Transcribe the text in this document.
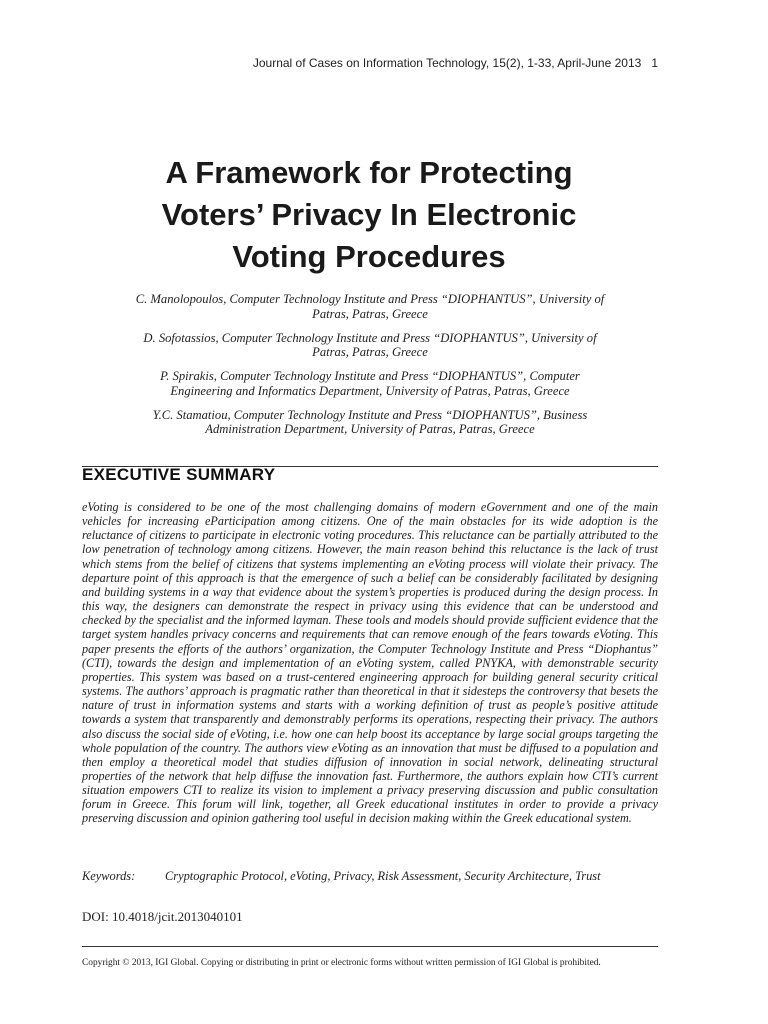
Journal of Cases on Information Technology, 15(2), 1-33, April-June 2013 1
A Framework for Protecting
Voters’ Privacy In Electronic
Voting Procedures
C. Manolopoulos, Computer Technology Institute and Press “DIOPHANTUS”, University of
Patras, Patras, Greece
D. Sofotassios, Computer Technology Institute and Press “DIOPHANTUS”, University of
Patras, Patras, Greece
P. Spirakis, Computer Technology Institute and Press “DIOPHANTUS”, Computer
Engineering and Informatics Department, University of Patras, Patras, Greece
Y.C. Stamatiou, Computer Technology Institute and Press “DIOPHANTUS”, Business
Administration Department, University of Patras, Patras, Greece
EXECUTIVE SUMMARY
eVoting is considered to be one of the most challenging domains of modern eGovernment and one of the main vehicles for increasing eParticipation among citizens. One of the main obstacles for its wide adoption is the reluctance of citizens to participate in electronic voting procedures. This reluctance can be partially attributed to the low penetration of technology among citizens. However, the main reason behind this reluctance is the lack of trust which stems from the belief of citizens that systems implementing an eVoting process will violate their privacy. The departure point of this approach is that the emergence of such a belief can be considerably facilitated by designing and building systems in a way that evidence about the system’s properties is produced during the design process. In this way, the designers can demonstrate the respect in privacy using this evidence that can be understood and checked by the specialist and the informed layman. These tools and models should provide sufficient evidence that the target system handles privacy concerns and requirements that can remove enough of the fears towards eVoting. This paper presents the efforts of the authors’ organization, the Computer Technology Institute and Press “Diophantus” (CTI), towards the design and implementation of an eVoting system, called PNYKA, with demonstrable security properties. This system was based on a trust-centered engineering approach for building general security critical systems. The authors’ approach is pragmatic rather than theoretical in that it sidesteps the controversy that besets the nature of trust in information systems and starts with a working definition of trust as people’s positive attitude towards a system that transparently and demonstrably performs its operations, respecting their privacy. The authors also discuss the social side of eVoting, i.e. how one can help boost its acceptance by large social groups targeting the whole population of the country. The authors view eVoting as an innovation that must be diffused to a population and then employ a theoretical model that studies diffusion of innovation in social network, delineating structural properties of the network that help diffuse the innovation fast. Furthermore, the authors explain how CTI’s current situation empowers CTI to realize its vision to implement a privacy preserving discussion and public consultation forum in Greece. This forum will link, together, all Greek educational institutes in order to provide a privacy preserving discussion and opinion gathering tool useful in decision making within the Greek educational system.
Keywords: Cryptographic Protocol, eVoting, Privacy, Risk Assessment, Security Architecture, Trust
DOI: 10.4018/jcit.2013040101
Copyright © 2013, IGI Global. Copying or distributing in print or electronic forms without written permission of IGI Global is prohibited.
